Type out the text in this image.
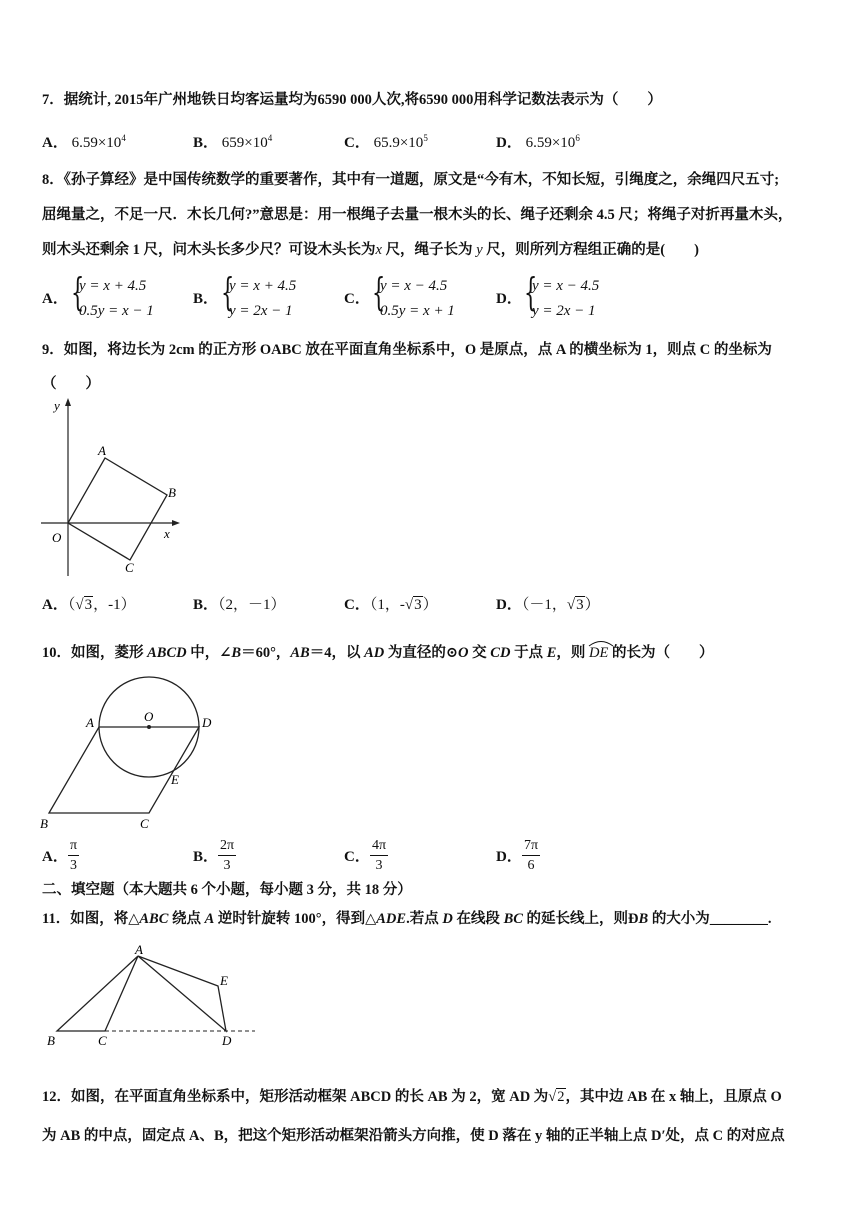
7．据统计, 2015年广州地铁日均客运量均为6590 000人次,将6590 000用科学记数法表示为（　　）
A． $6.59\times 10^4$	B． $659\times 10^4$	C． $65.9\times 10^5$	D． $6.59\times 10^6$
8．《孙子算经》是中国传统数学的重要著作，其中有一道题，原文是“今有木，不知长短，引绳度之，余绳四尺五寸;
屈绳量之，不足一尺．木长几何?”意思是：用一根绳子去量一根木头的长、绳子还剩余 4.5 尺；将绳子对折再量木头，
则木头还剩余 1 尺，问木头长多少尺？可设木头长为x 尺，绳子长为 y 尺，则所列方程组正确的是(　　)
A． {
y = x + 4.5
0.5y = x − 1
B． {
y = x + 4.5
y = 2x − 1
C． {
y = x − 4.5
0.5y = x + 1
D． {
y = x − 4.5
y = 2x − 1
9．如图，将边长为 2cm 的正方形 OABC 放在平面直角坐标系中，O 是原点，点 A 的横坐标为 1，则点 C 的坐标为
（　　）
y
x
O
A
B
C
A．（√3，-1）	B．（2，－1）	C．（1，-√3）	D．（－1，√3）
10．如图，菱形 ABCD 中，∠B＝60°，AB＝4，以 AD 为直径的⊙O 交 CD 于点 E，则
DE 的长为（　　）
A	O	D
E
B	C
A． $\frac{\pi}{3}$	B． $\frac{2\pi}{3}$	C． $\frac{4\pi}{3}$	D． $\frac{7\pi}{6}$
二、填空题（本大题共 6 个小题，每小题 3 分，共 18 分）
11．如图，将△ABC 绕点 A 逆时针旋转 100°，得到△ADE.若点 D 在线段 BC 的延长线上，则ÐB 的大小为________.
A
E
B	C	D
12．如图，在平面直角坐标系中，矩形活动框架 ABCD 的长 AB 为 2，宽 AD 为√2，其中边 AB 在 x 轴上，且原点 O
为 AB 的中点，固定点 A、B，把这个矩形活动框架沿箭头方向推，使 D 落在 y 轴的正半轴上点 D′处，点 C 的对应点
